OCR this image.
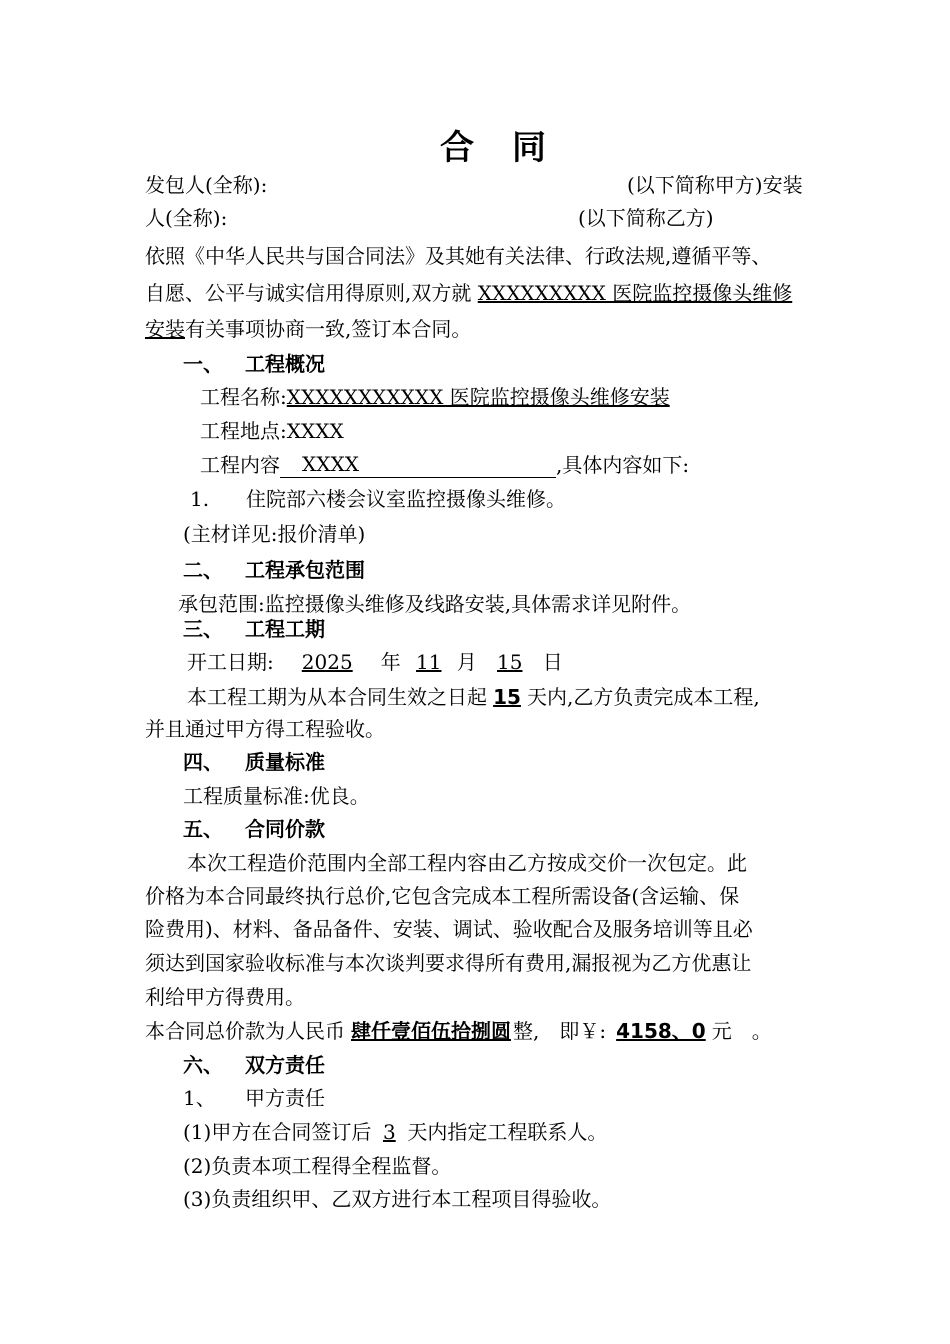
合　同
发包人(全称):	(以下简称甲方)安装
人(全称):	(以下简称乙方)
依照《中华人民共与国合同法》及其她有关法律、行政法规,遵循平等、
自愿、公平与诚实信用得原则,双方就 XXXXXXXXX 医院监控摄像头维修
安装有关事项协商一致,签订本合同。
一、 工程概况
工程名称:XXXXXXXXXXX 医院监控摄像头维修安装
工程地点:XXXX
工程内容 XXXX	,具体内容如下:
1. 住院部六楼会议室监控摄像头维修。
(主材详见:报价清单)
二、 工程承包范围
承包范围:监控摄像头维修及线路安装,具体需求详见附件。
三、 工程工期
开工日期: 2025 年 11 月 15 日
本工程工期为从本合同生效之日起 15 天内,乙方负责完成本工程,
并且通过甲方得工程验收。
四、 质量标准
工程质量标准:优良。
五、 合同价款
本次工程造价范围内全部工程内容由乙方按成交价一次包定。此
价格为本合同最终执行总价,它包含完成本工程所需设备(含运输、保
险费用)、材料、备品备件、安装、调试、验收配合及服务培训等且必
须达到国家验收标准与本次谈判要求得所有费用,漏报视为乙方优惠让
利给甲方得费用。
本合同总价款为人民币 肆仟壹佰伍拾捌圆 整,　即￥: 4158、0 元　。
六、 双方责任
1、 甲方责任
(1)甲方在合同签订后 3 天内指定工程联系人。
(2)负责本项工程得全程监督。
(3)负责组织甲、乙双方进行本工程项目得验收。
